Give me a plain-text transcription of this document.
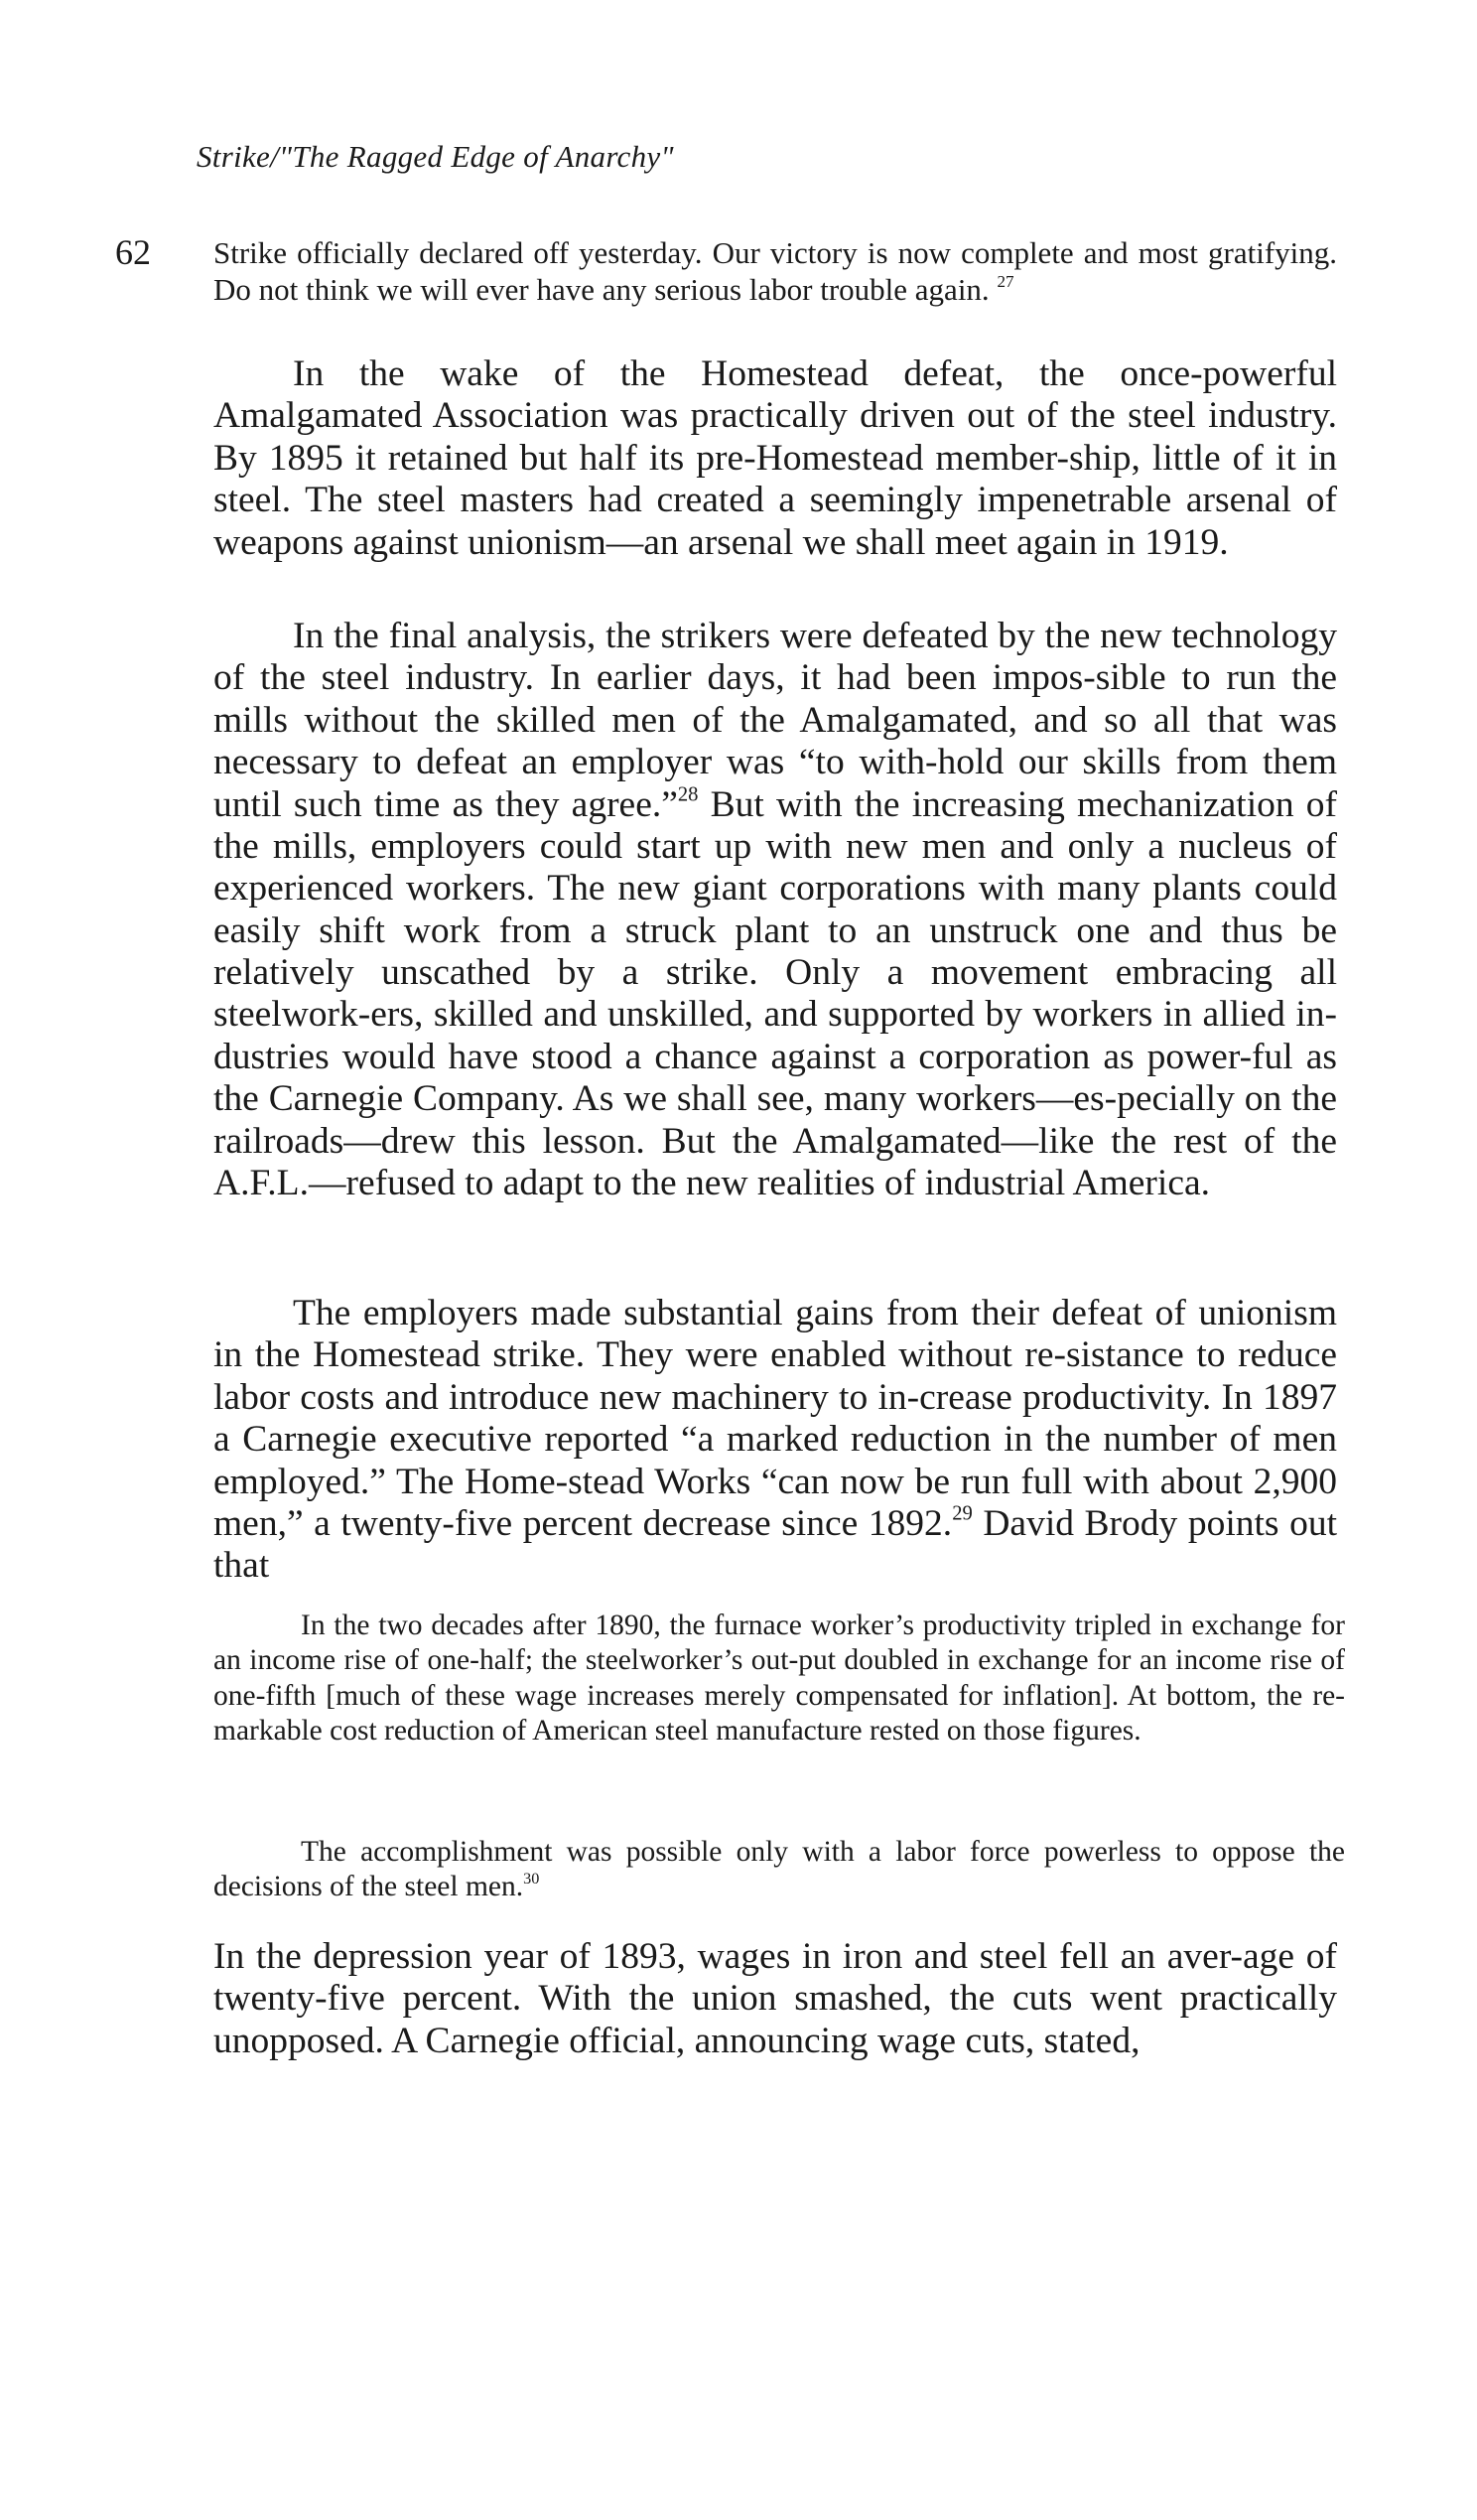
Strike/"The Ragged Edge of Anarchy"

62 Strike officially declared off yesterday. Our victory is now complete and most gratifying. Do not think we will ever have any serious labor trouble again. $^{27}$

In the wake of the Homestead defeat, the once-powerful Amalgamated Association was practically driven out of the steel industry. By 1895 it retained but half its pre-Homestead member-ship, little of it in steel. The steel masters had created a seemingly impenetrable arsenal of weapons against unionism—an arsenal we shall meet again in 1919.

In the final analysis, the strikers were defeated by the new technology of the steel industry. In earlier days, it had been impos-sible to run the mills without the skilled men of the Amalgamated, and so all that was necessary to defeat an employer was “to with-hold our skills from them until such time as they agree.”$^{28}$ But with the increasing mechanization of the mills, employers could start up with new men and only a nucleus of experienced workers. The new giant corporations with many plants could easily shift work from a struck plant to an unstruck one and thus be relatively unscathed by a strike. Only a movement embracing all steelwork-ers, skilled and unskilled, and supported by workers in allied in-dustries would have stood a chance against a corporation as power-ful as the Carnegie Company. As we shall see, many workers—es-pecially on the railroads—drew this lesson. But the Amalgamated—like the rest of the A.F.L.—refused to adapt to the new realities of industrial America.

The employers made substantial gains from their defeat of unionism in the Homestead strike. They were enabled without re-sistance to reduce labor costs and introduce new machinery to in-crease productivity. In 1897 a Carnegie executive reported “a marked reduction in the number of men employed.” The Home-stead Works “can now be run full with about 2,900 men,” a twenty-five percent decrease since 1892.29 David Brody points out that

In the two decades after 1890, the furnace worker’s productivity tripled in exchange for an income rise of one-half; the steelworker’s out-put doubled in exchange for an income rise of one-fifth [much of these wage increases merely compensated for inflation]. At bottom, the re-markable cost reduction of American steel manufacture rested on those figures.

The accomplishment was possible only with a labor force powerless to oppose the decisions of the steel men.$^{30}$

In the depression year of 1893, wages in iron and steel fell an aver-age of twenty-five percent. With the union smashed, the cuts went practically unopposed. A Carnegie official, announcing wage cuts, stated,
